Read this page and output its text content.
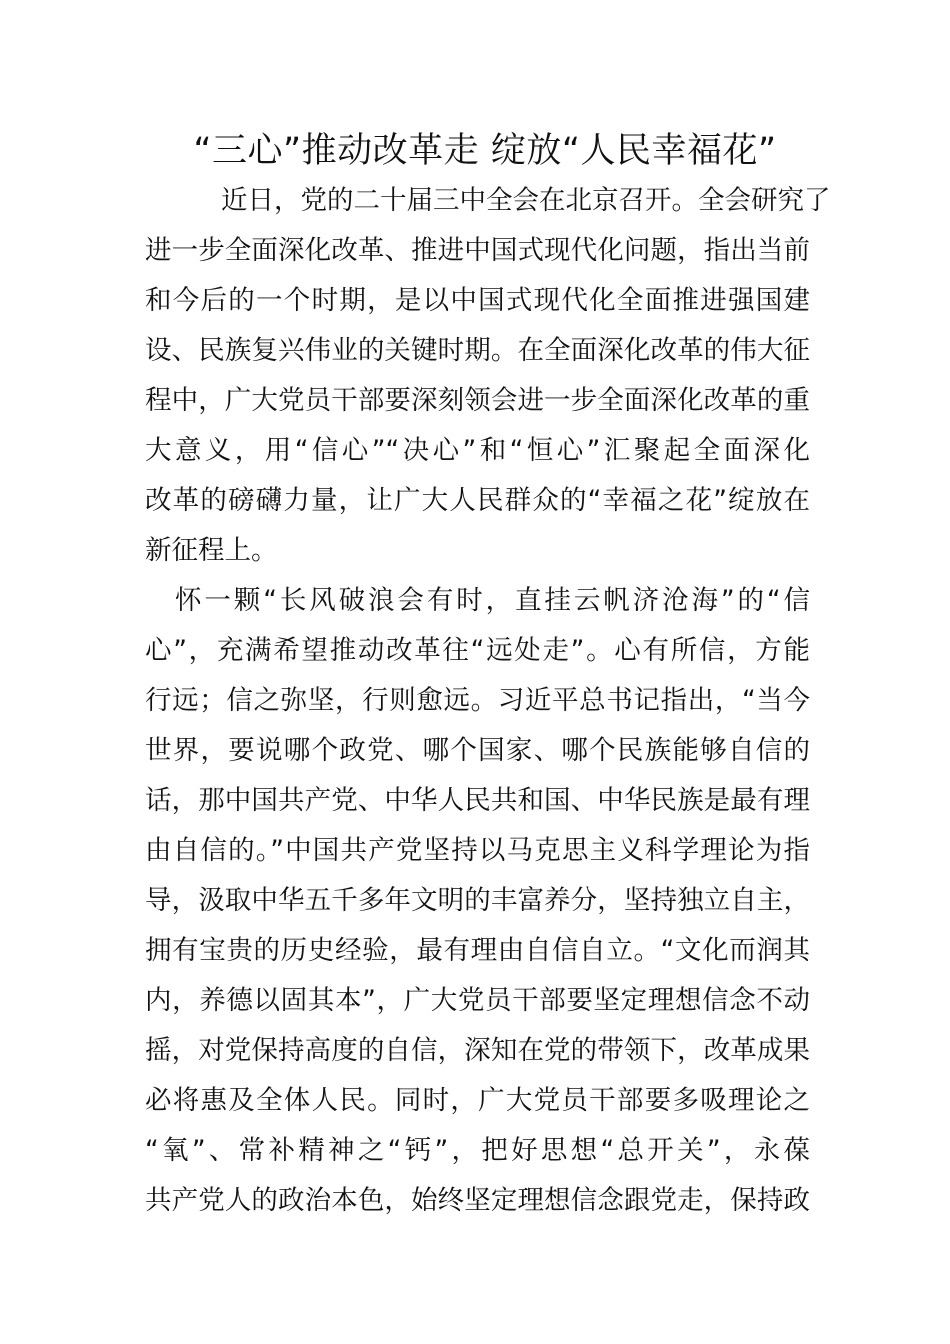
“三心”推动改革走 绽放“人民幸福花”
近日，党的二十届三中全会在北京召开。全会研究了
进一步全面深化改革、推进中国式现代化问题，指出当前
和今后的一个时期，是以中国式现代化全面推进强国建
设、民族复兴伟业的关键时期。在全面深化改革的伟大征
程中，广大党员干部要深刻领会进一步全面深化改革的重
大意义，用“信心”“决心”和“恒心”汇聚起全面深化
改革的磅礴力量，让广大人民群众的“幸福之花”绽放在
新征程上。
怀一颗“长风破浪会有时，直挂云帆济沧海”的“信
心”，充满希望推动改革往“远处走”。心有所信，方能
行远；信之弥坚，行则愈远。习近平总书记指出，“当今
世界，要说哪个政党、哪个国家、哪个民族能够自信的
话，那中国共产党、中华人民共和国、中华民族是最有理
由自信的。”中国共产党坚持以马克思主义科学理论为指
导，汲取中华五千多年文明的丰富养分，坚持独立自主，
拥有宝贵的历史经验，最有理由自信自立。“文化而润其
内，养德以固其本”，广大党员干部要坚定理想信念不动
摇，对党保持高度的自信，深知在党的带领下，改革成果
必将惠及全体人民。同时，广大党员干部要多吸理论之
“氧”、常补精神之“钙”，把好思想“总开关”，永葆
共产党人的政治本色，始终坚定理想信念跟党走，保持政
